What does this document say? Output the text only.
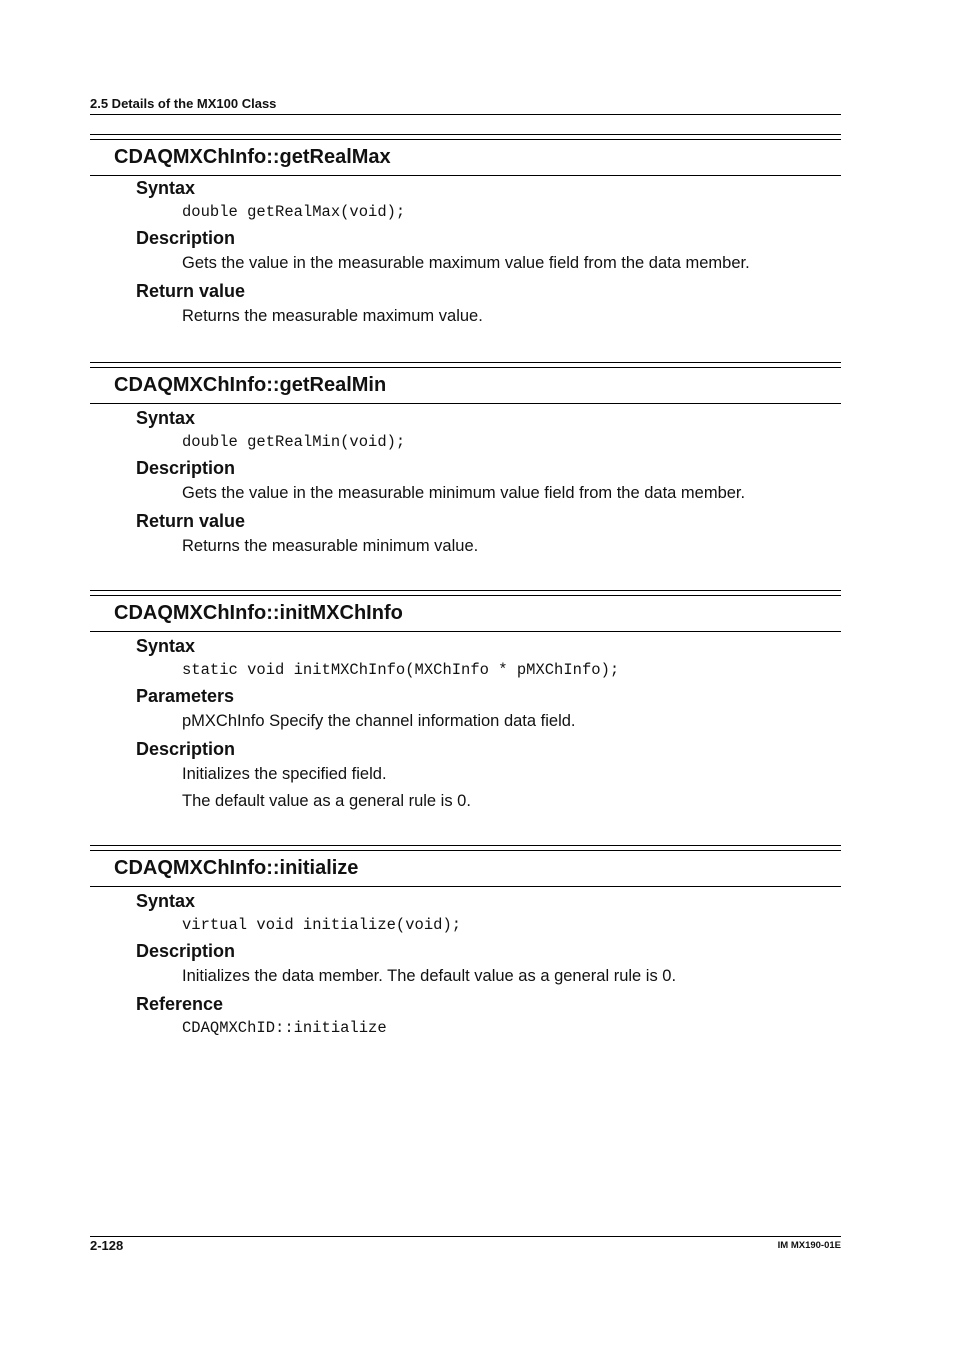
2.5 Details of the MX100 Class
CDAQMXChInfo::getRealMax
Syntax
double getRealMax(void);
Description
Gets the value in the measurable maximum value field from the data member.
Return value
Returns the measurable maximum value.
CDAQMXChInfo::getRealMin
Syntax
double getRealMin(void);
Description
Gets the value in the measurable minimum value field from the data member.
Return value
Returns the measurable minimum value.
CDAQMXChInfo::initMXChInfo
Syntax
static void initMXChInfo(MXChInfo * pMXChInfo);
Parameters
pMXChInfo Specify the channel information data field.
Description
Initializes the specified field.
The default value as a general rule is 0.
CDAQMXChInfo::initialize
Syntax
virtual void initialize(void);
Description
Initializes the data member. The default value as a general rule is 0.
Reference
CDAQMXChID::initialize
2-128	IM MX190-01E
